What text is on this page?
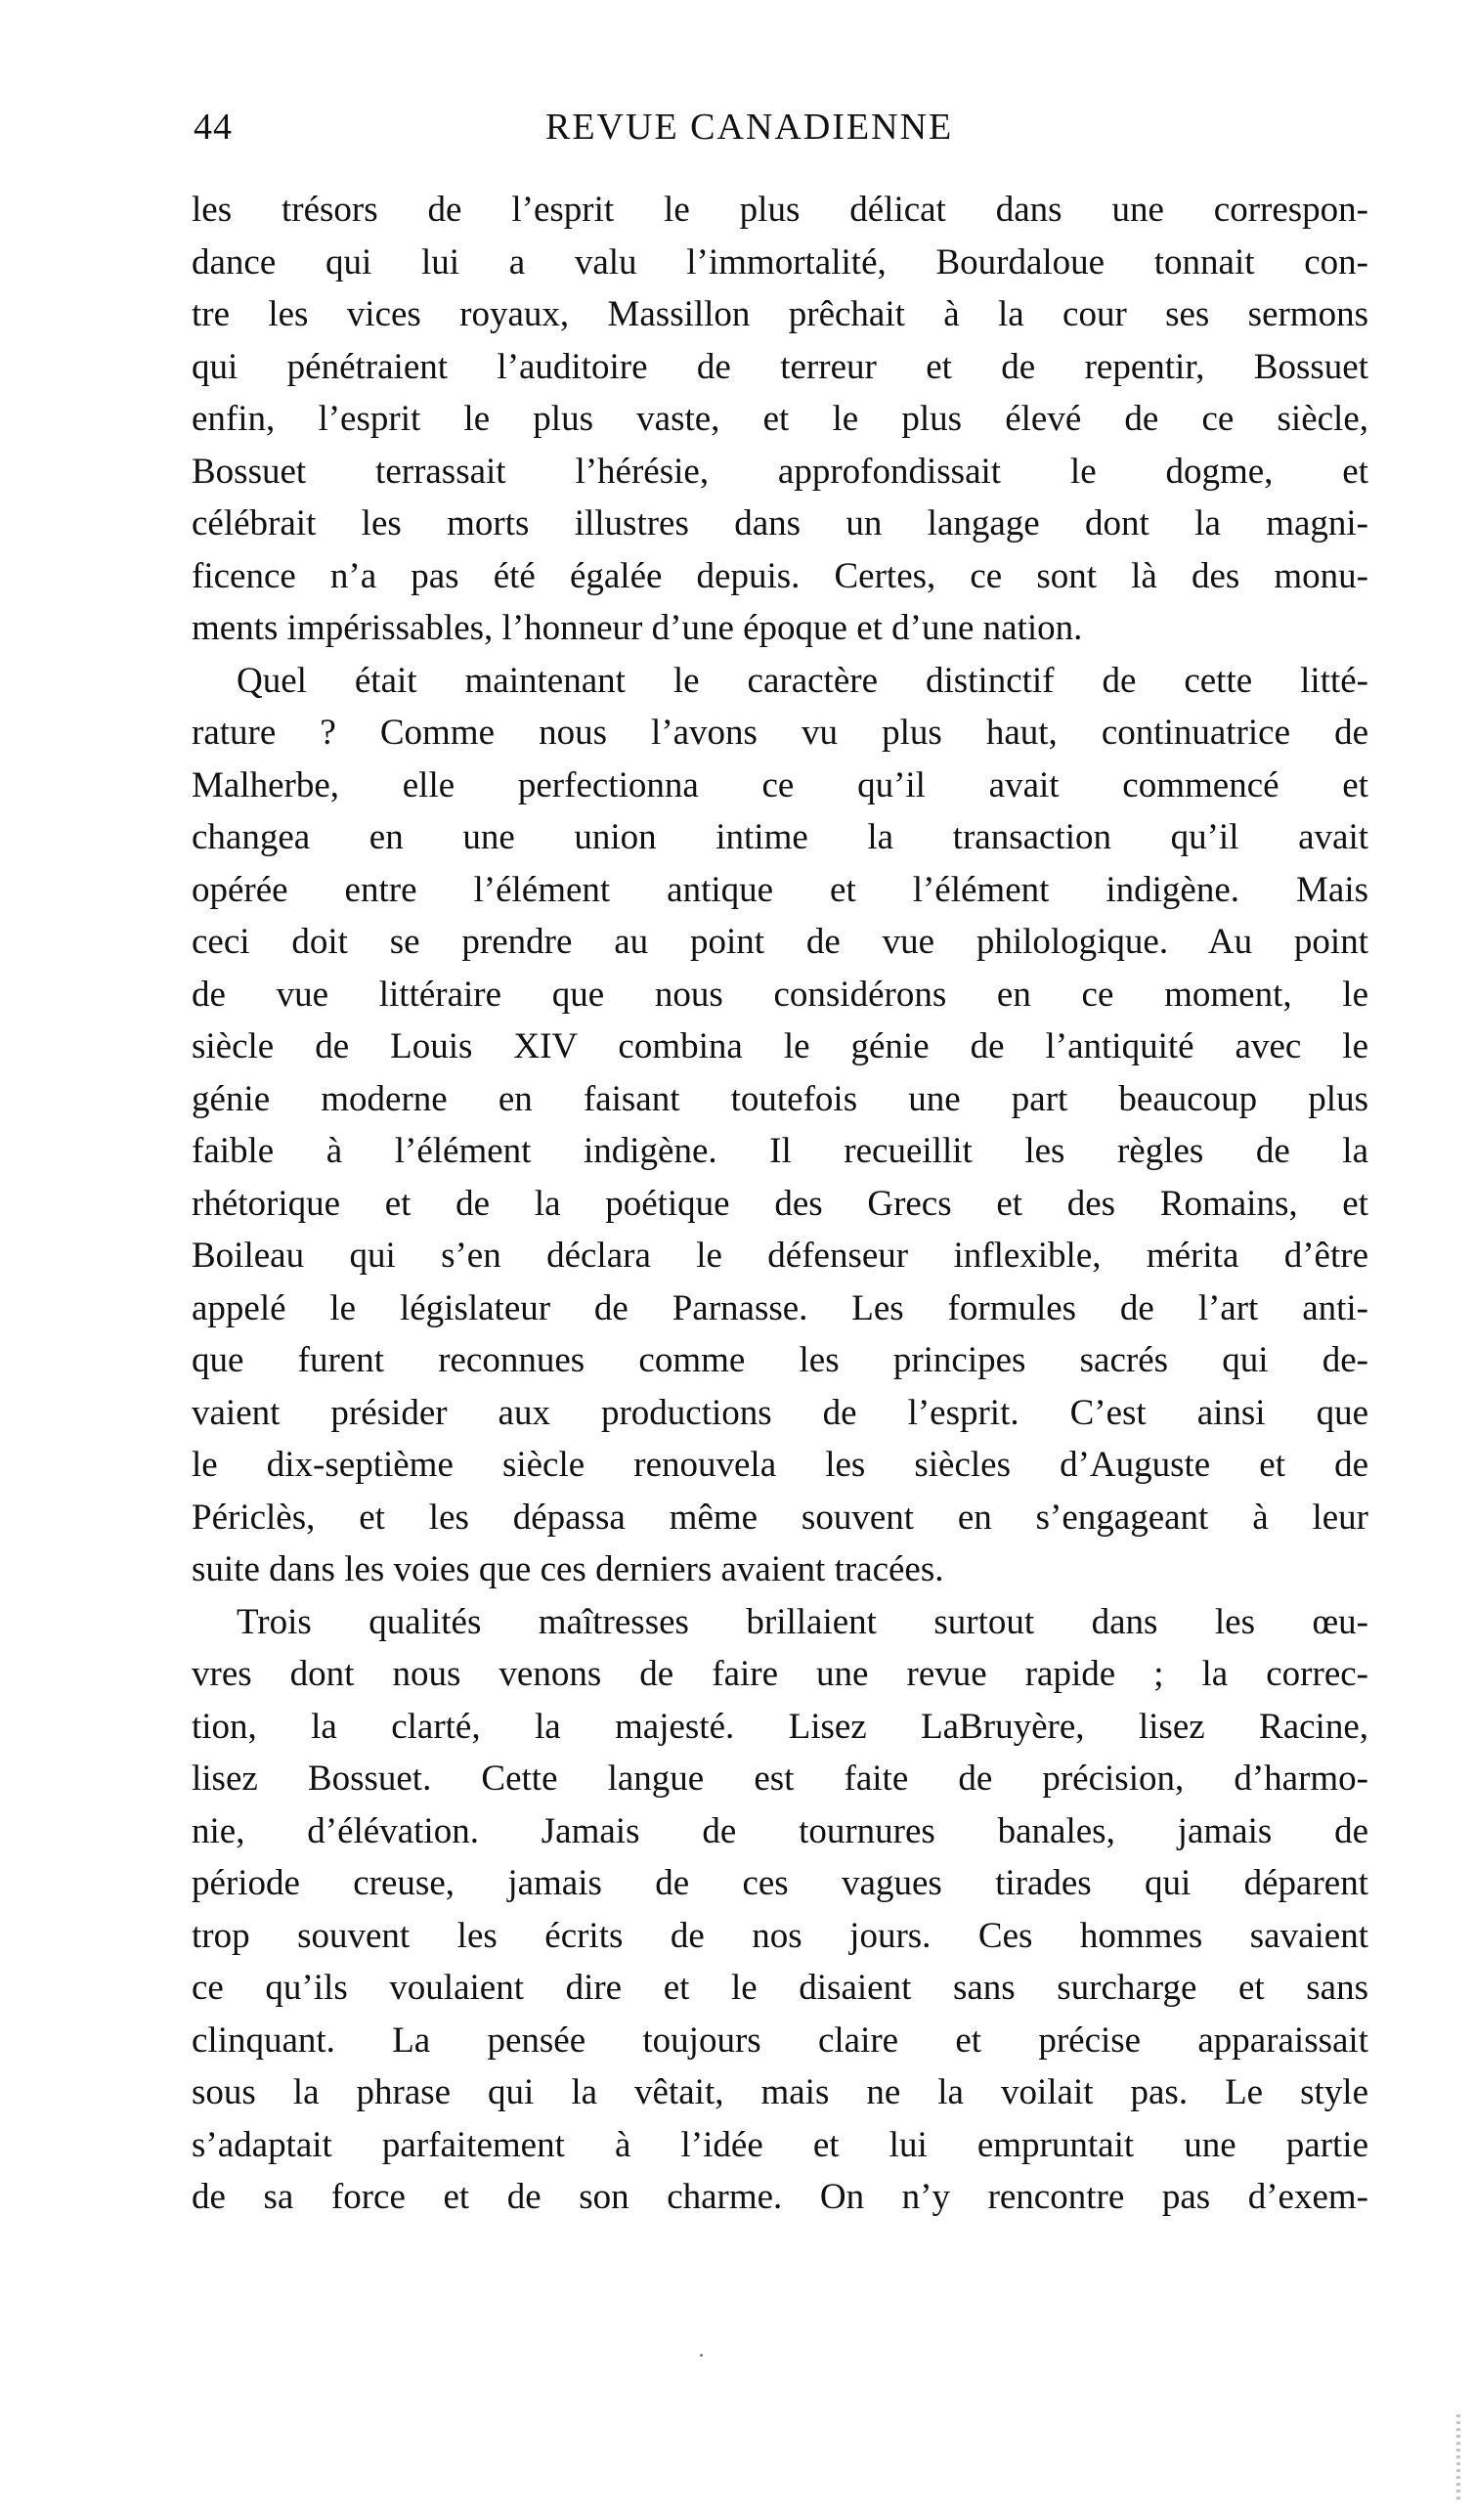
44	REVUE CANADIENNE
les trésors de l’esprit le plus délicat dans une correspon-
dance qui lui a valu l’immortalité, Bourdaloue tonnait con-
tre les vices royaux, Massillon prêchait à la cour ses sermons
qui pénétraient l’auditoire de terreur et de repentir, Bossuet
enfin, l’esprit le plus vaste, et le plus élevé de ce siècle,
Bossuet terrassait l’hérésie, approfondissait le dogme, et
célébrait les morts illustres dans un langage dont la magni-
ficence n’a pas été égalée depuis. Certes, ce sont là des monu-
ments impérissables, l’honneur d’une époque et d’une nation.
Quel était maintenant le caractère distinctif de cette litté-
rature ? Comme nous l’avons vu plus haut, continuatrice de
Malherbe, elle perfectionna ce qu’il avait commencé et
changea en une union intime la transaction qu’il avait
opérée entre l’élément antique et l’élément indigène. Mais
ceci doit se prendre au point de vue philologique. Au point
de vue littéraire que nous considérons en ce moment, le
siècle de Louis XIV combina le génie de l’antiquité avec le
génie moderne en faisant toutefois une part beaucoup plus
faible à l’élément indigène. Il recueillit les règles de la
rhétorique et de la poétique des Grecs et des Romains, et
Boileau qui s’en déclara le défenseur inflexible, mérita d’être
appelé le législateur de Parnasse. Les formules de l’art anti-
que furent reconnues comme les principes sacrés qui de-
vaient présider aux productions de l’esprit. C’est ainsi que
le dix-septième siècle renouvela les siècles d’Auguste et de
Périclès, et les dépassa même souvent en s’engageant à leur
suite dans les voies que ces derniers avaient tracées.
Trois qualités maîtresses brillaient surtout dans les œu-
vres dont nous venons de faire une revue rapide ; la correc-
tion, la clarté, la majesté. Lisez LaBruyère, lisez Racine,
lisez Bossuet. Cette langue est faite de précision, d’harmo-
nie, d’élévation. Jamais de tournures banales, jamais de
période creuse, jamais de ces vagues tirades qui déparent
trop souvent les écrits de nos jours. Ces hommes savaient
ce qu’ils voulaient dire et le disaient sans surcharge et sans
clinquant. La pensée toujours claire et précise apparaissait
sous la phrase qui la vêtait, mais ne la voilait pas. Le style
s’adaptait parfaitement à l’idée et lui empruntait une partie
de sa force et de son charme. On n’y rencontre pas d’exem-
